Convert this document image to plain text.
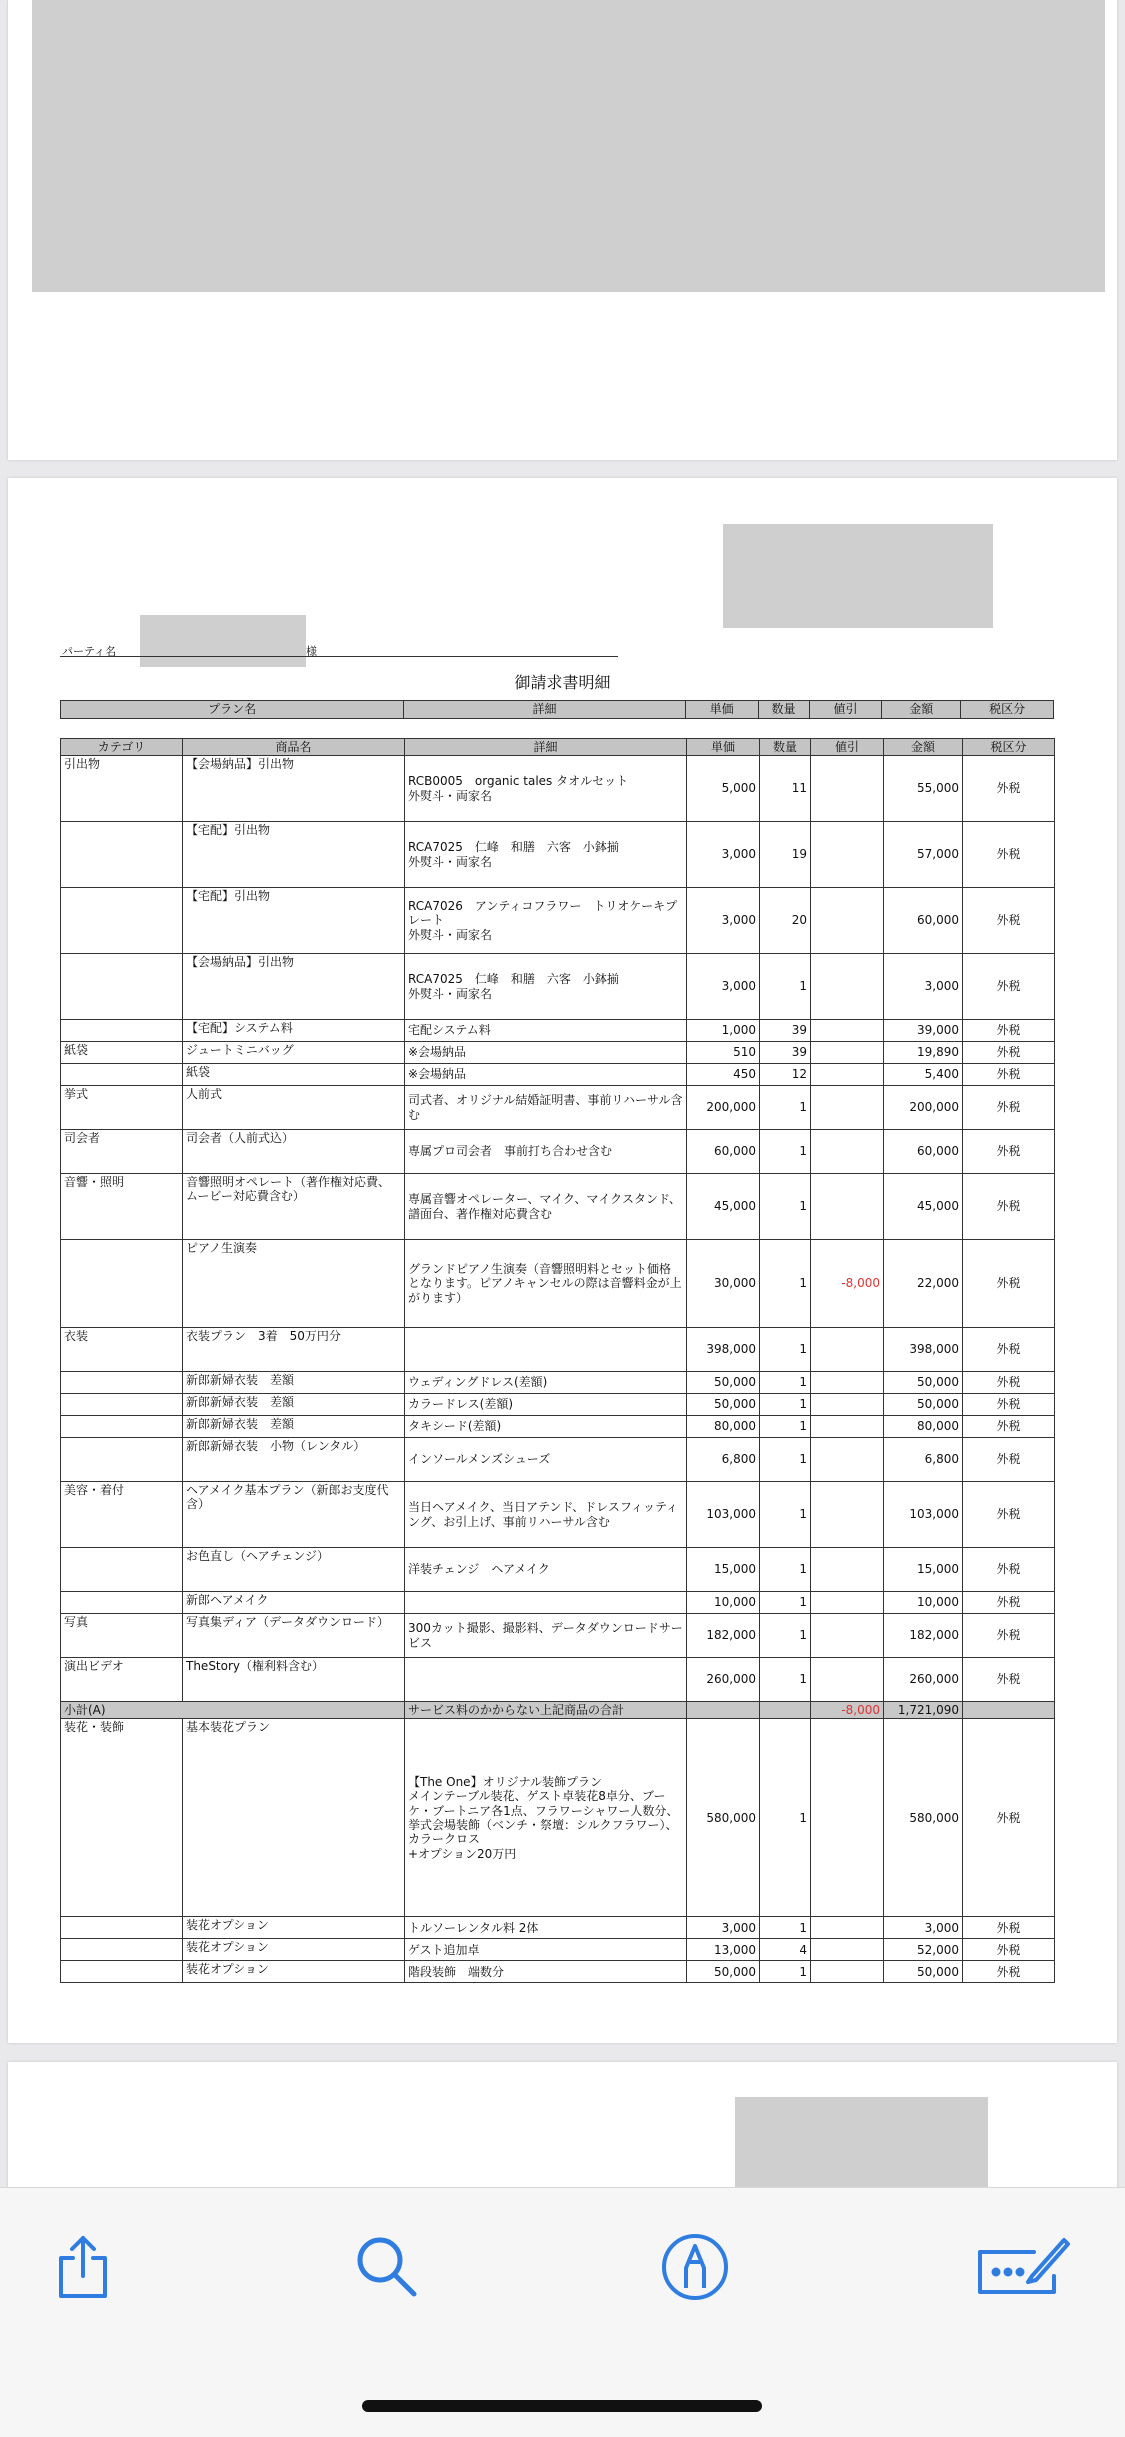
パーティ名	様
御請求書明細
プラン名	詳細	単価	数量	値引	金額	税区分
カテゴリ	商品名	詳細	単価	数量	値引	金額	税区分
引出物	【会場納品】引出物	RCB0005　organic tales タオルセット
外熨斗・両家名	5,000	11		55,000	外税
	【宅配】引出物	RCA7025　仁峰　和膳　六客　小鉢揃
外熨斗・両家名	3,000	19		57,000	外税
	【宅配】引出物	RCA7026　アンティコフラワー　トリオケーキプレート
外熨斗・両家名	3,000	20		60,000	外税
	【会場納品】引出物	RCA7025　仁峰　和膳　六客　小鉢揃
外熨斗・両家名	3,000	1		3,000	外税
	【宅配】システム料	宅配システム料	1,000	39		39,000	外税
紙袋	ジュートミニバッグ	※会場納品	510	39		19,890	外税
	紙袋	※会場納品	450	12		5,400	外税
挙式	人前式	司式者、オリジナル結婚証明書、事前リハーサル含む	200,000	1		200,000	外税
司会者	司会者（人前式込）	専属プロ司会者　事前打ち合わせ含む	60,000	1		60,000	外税
音響・照明	音響照明オペレート（著作権対応費、ムービー対応費含む）	専属音響オペレーター、マイク、マイクスタンド、譜面台、著作権対応費含む	45,000	1		45,000	外税
	ピアノ生演奏	グランドピアノ生演奏（音響照明料とセット価格となります。ピアノキャンセルの際は音響料金が上がります）	30,000	1	-8,000	22,000	外税
衣装	衣装プラン　3着　50万円分		398,000	1		398,000	外税
	新郎新婦衣装　差額	ウェディングドレス(差額)	50,000	1		50,000	外税
	新郎新婦衣装　差額	カラードレス(差額)	50,000	1		50,000	外税
	新郎新婦衣装　差額	タキシード(差額)	80,000	1		80,000	外税
	新郎新婦衣装　小物（レンタル）	インソールメンズシューズ	6,800	1		6,800	外税
美容・着付	ヘアメイク基本プラン（新郎お支度代含）	当日ヘアメイク、当日アテンド、ドレスフィッティング、お引上げ、事前リハーサル含む	103,000	1		103,000	外税
	お色直し（ヘアチェンジ）	洋装チェンジ　ヘアメイク	15,000	1		15,000	外税
	新郎ヘアメイク		10,000	1		10,000	外税
写真	写真集ディア（データダウンロード）	300カット撮影、撮影料、データダウンロードサービス	182,000	1		182,000	外税
演出ビデオ	TheStory（権利料含む）		260,000	1		260,000	外税
小計(A)		サービス料のかからない上記商品の合計			-8,000	1,721,090	
装花・装飾	基本装花プラン	【The One】オリジナル装飾プラン
メインテーブル装花、ゲスト卓装花8卓分、ブーケ・ブートニア各1点、フラワーシャワー人数分、挙式会場装飾（ベンチ・祭壇：シルクフラワー）、カラークロス
+オプション20万円	580,000	1		580,000	外税
	装花オプション	トルソーレンタル料 2体	3,000	1		3,000	外税
	装花オプション	ゲスト追加卓	13,000	4		52,000	外税
	装花オプション	階段装飾　端数分	50,000	1		50,000	外税
